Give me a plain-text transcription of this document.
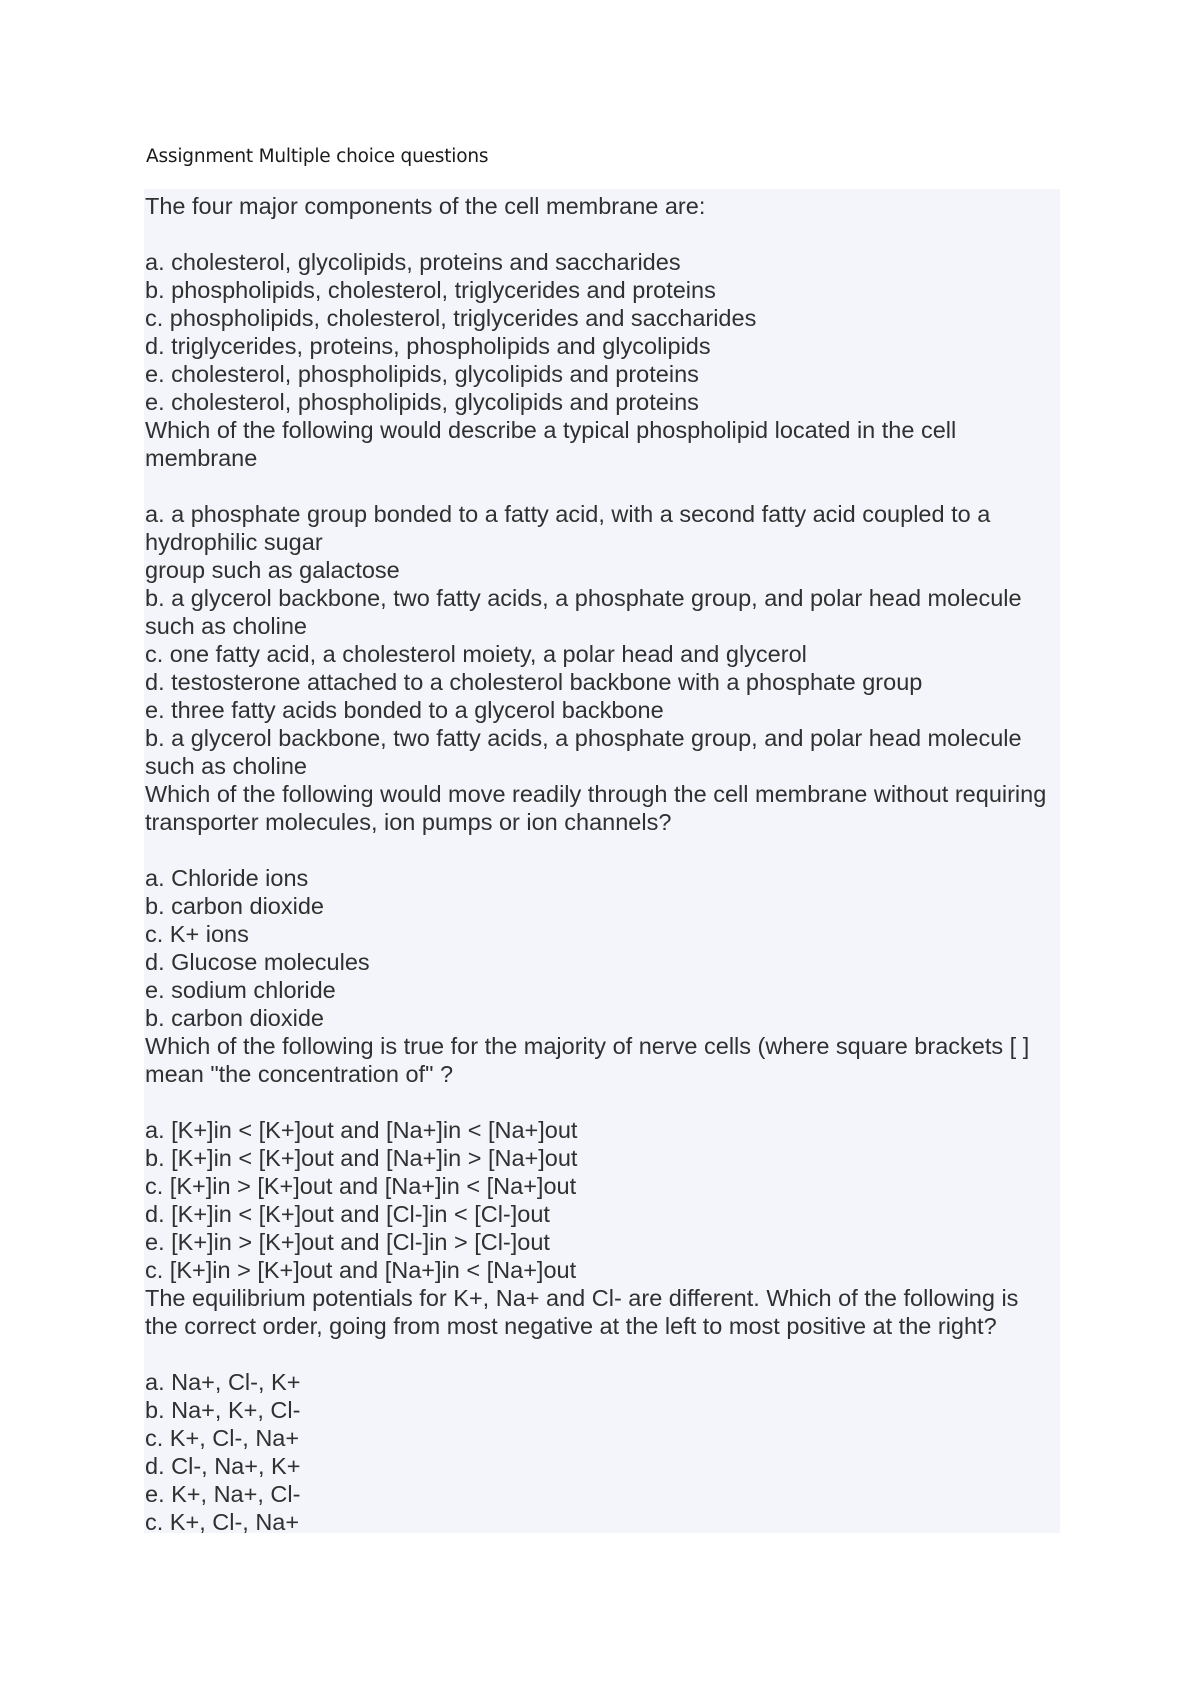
Assignment Multiple choice questions
The four major components of the cell membrane are:
a. cholesterol, glycolipids, proteins and saccharides
b. phospholipids, cholesterol, triglycerides and proteins
c. phospholipids, cholesterol, triglycerides and saccharides
d. triglycerides, proteins, phospholipids and glycolipids
e. cholesterol, phospholipids, glycolipids and proteins
e. cholesterol, phospholipids, glycolipids and proteins
Which of the following would describe a typical phospholipid located in the cell membrane
a. a phosphate group bonded to a fatty acid, with a second fatty acid coupled to a hydrophilic sugar
group such as galactose
b. a glycerol backbone, two fatty acids, a phosphate group, and polar head molecule such as choline
c. one fatty acid, a cholesterol moiety, a polar head and glycerol
d. testosterone attached to a cholesterol backbone with a phosphate group
e. three fatty acids bonded to a glycerol backbone
b. a glycerol backbone, two fatty acids, a phosphate group, and polar head molecule such as choline
Which of the following would move readily through the cell membrane without requiring transporter molecules, ion pumps or ion channels?
a. Chloride ions
b. carbon dioxide
c. K+ ions
d. Glucose molecules
e. sodium chloride
b. carbon dioxide
Which of the following is true for the majority of nerve cells (where square brackets [ ] mean "the concentration of" ?
a. [K+]in < [K+]out and [Na+]in < [Na+]out
b. [K+]in < [K+]out and [Na+]in > [Na+]out
c. [K+]in > [K+]out and [Na+]in < [Na+]out
d. [K+]in < [K+]out and [Cl-]in < [Cl-]out
e. [K+]in > [K+]out and [Cl-]in > [Cl-]out
c. [K+]in > [K+]out and [Na+]in < [Na+]out
The equilibrium potentials for K+, Na+ and Cl- are different. Which of the following is the correct order, going from most negative at the left to most positive at the right?
a. Na+, Cl-, K+
b. Na+, K+, Cl-
c. K+, Cl-, Na+
d. Cl-, Na+, K+
e. K+, Na+, Cl-
c. K+, Cl-, Na+
